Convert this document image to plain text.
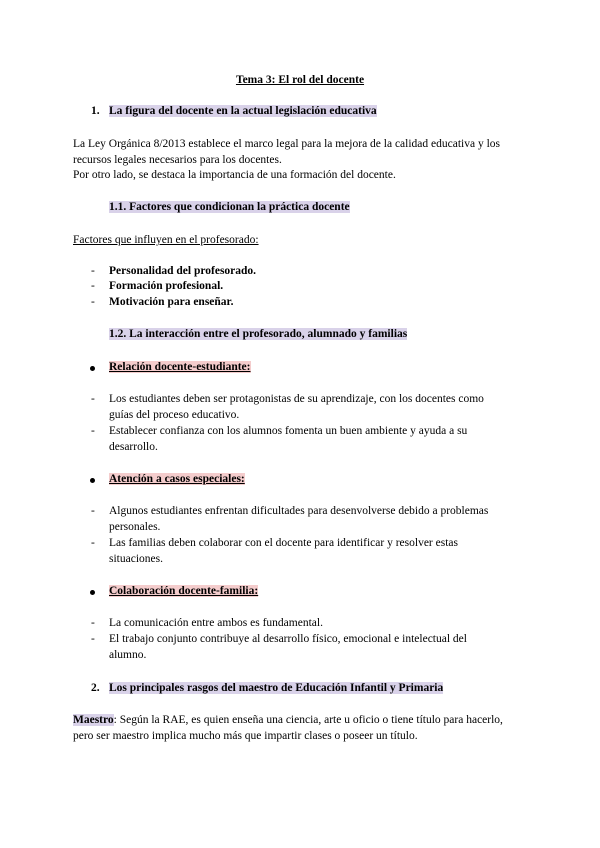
Tema 3: El rol del docente
1. La figura del docente en la actual legislación educativa
La Ley Orgánica 8/2013 establece el marco legal para la mejora de la calidad educativa y los
recursos legales necesarios para los docentes.
Por otro lado, se destaca la importancia de una formación del docente.
1.1. Factores que condicionan la práctica docente
Factores que influyen en el profesorado:
- Personalidad del profesorado.
- Formación profesional.
- Motivación para enseñar.
1.2. La interacción entre el profesorado, alumnado y familias
Relación docente-estudiante:
- Los estudiantes deben ser protagonistas de su aprendizaje, con los docentes como
guías del proceso educativo.
- Establecer confianza con los alumnos fomenta un buen ambiente y ayuda a su
desarrollo.
Atención a casos especiales:
- Algunos estudiantes enfrentan dificultades para desenvolverse debido a problemas
personales.
- Las familias deben colaborar con el docente para identificar y resolver estas
situaciones.
Colaboración docente-familia:
- La comunicación entre ambos es fundamental.
- El trabajo conjunto contribuye al desarrollo físico, emocional e intelectual del
alumno.
2. Los principales rasgos del maestro de Educación Infantil y Primaria
Maestro: Según la RAE, es quien enseña una ciencia, arte u oficio o tiene título para hacerlo,
pero ser maestro implica mucho más que impartir clases o poseer un título.
